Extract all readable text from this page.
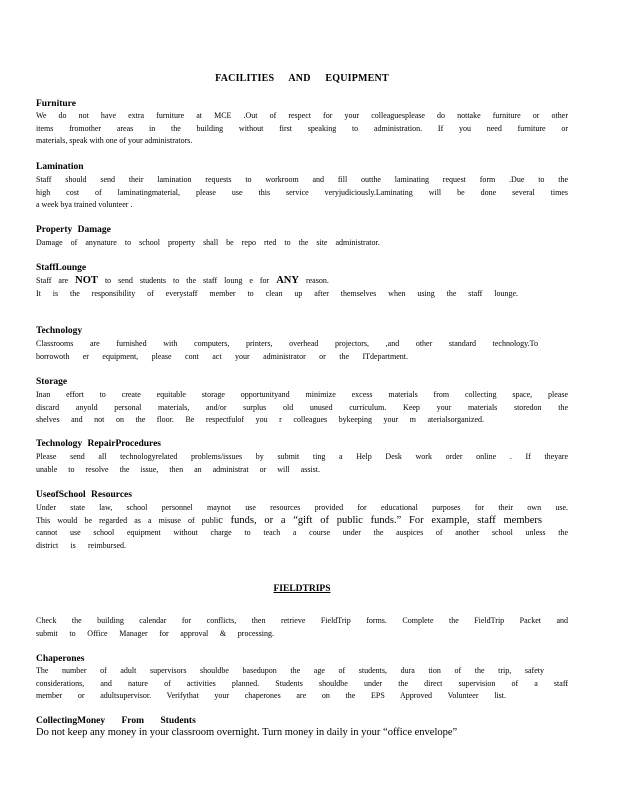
FACILITIES AND EQUIPMENT
Furniture
We do not have extra furniture at MCE .Out of respect for your colleaguesplease do nottake furniture or other
items fromother areas in the building without first speaking to administration. If you need furniture or
materials, speak with one of your administrators.
Lamination
Staff should send their lamination requests to workroom and fill outthe laminating request form .Due to the
high cost of laminatingmaterial, please use this service veryjudiciously.Laminating will be done several times
a week bya trained volunteer .
Property Damage
Damage of anynature to school property shall be repo rted to the site administrator.
StaffLounge
Staff are NOT to send students to the staff loung e for ANY reason.
It is the responsibility of everystaff member to clean up after themselves when using the staff lounge.
Technology
Classrooms are furnished with computers, printers, overhead projectors, ,and other standard technology.To
borrowoth er equipment, please cont act your administrator or the ITdepartment.
Storage
Inan effort to create equitable storage opportunityand minimize excess materials from collecting space, please
discard anyold personal materials, and/or surplus old unused curriculum. Keep your materials storedon the
shelves and not on the floor. Be respectfulof you r colleagues bykeeping your m aterialsorganized.
Technology RepairProcedures
Please send all technologyrelated problems/issues by submit ting a Help Desk work order online . If theyare
unable to resolve the issue, then an administrat or will assist.
UseofSchool Resources
Under state law, school personnel maynot use resources provided for educational purposes for their own use.
This would be regarded as a misuse of public funds, or a “gift of public funds.” For example, staff members
cannot use school equipment without charge to teach a course under the auspices of another school unless the
district is reimbursed.
FIELDTRIPS
Check the building calendar for conflicts, then retrieve FieldTrip forms. Complete the FieldTrip Packet and
submit to Office Manager for approval & processing.
Chaperones
The number of adult supervisors shouldbe basedupon the age of students, dura tion of the trip, safety
considerations, and nature of activities planned. Students shouldbe under the direct supervision of a staff
member or adultsupervisor. Verifythat your chaperones are on the EPS Approved Volunteer list.
CollectingMoney From Students
Do not keep any money in your classroom overnight. Turn money in daily in your “office envelope”
